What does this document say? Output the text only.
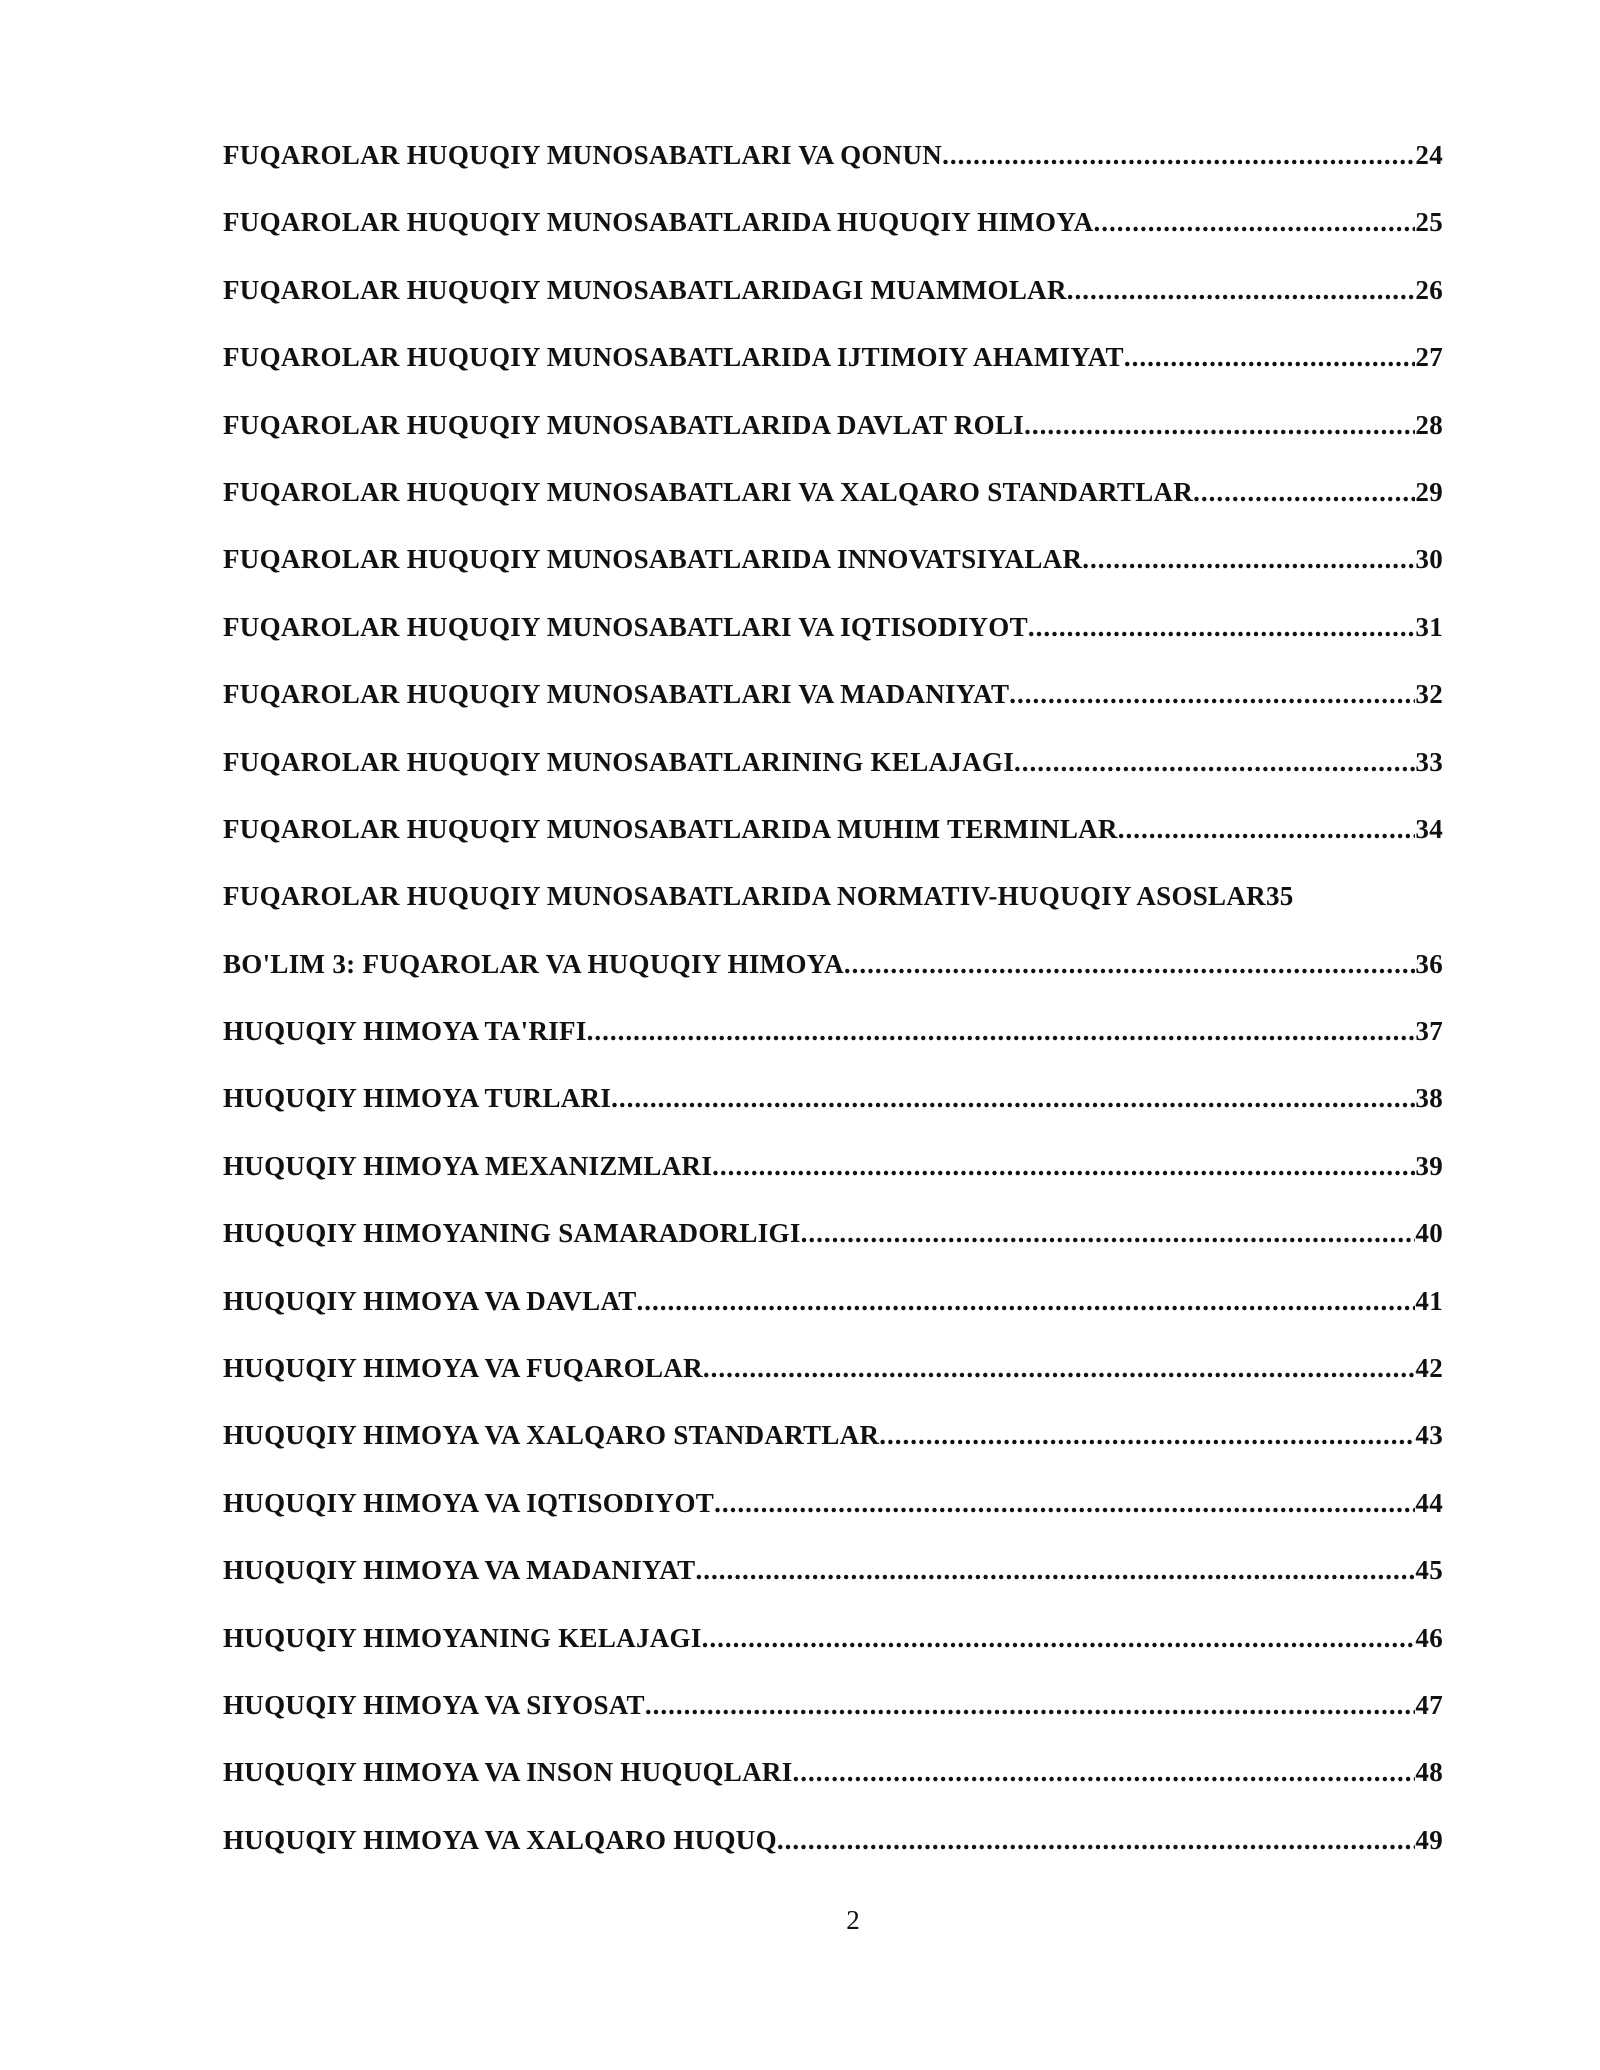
FUQAROLAR HUQUQIY MUNOSABATLARI VA QONUN .....	24
FUQAROLAR HUQUQIY MUNOSABATLARIDA HUQUQIY HIMOYA .....	25
FUQAROLAR HUQUQIY MUNOSABATLARIDAGI MUAMMOLAR .....	26
FUQAROLAR HUQUQIY MUNOSABATLARIDA IJTIMOIY AHAMIYAT .....	27
FUQAROLAR HUQUQIY MUNOSABATLARIDA DAVLAT ROLI .....	28
FUQAROLAR HUQUQIY MUNOSABATLARI VA XALQARO STANDARTLAR .....	29
FUQAROLAR HUQUQIY MUNOSABATLARIDA INNOVATSIYALAR .....	30
FUQAROLAR HUQUQIY MUNOSABATLARI VA IQTISODIYOT .....	31
FUQAROLAR HUQUQIY MUNOSABATLARI VA MADANIYAT .....	32
FUQAROLAR HUQUQIY MUNOSABATLARINING KELAJAGI .....	33
FUQAROLAR HUQUQIY MUNOSABATLARIDA MUHIM TERMINLAR .....	34
FUQAROLAR HUQUQIY MUNOSABATLARIDA NORMATIV-HUQUQIY ASOSLAR 35
BO'LIM 3: FUQAROLAR VA HUQUQIY HIMOYA .....	36
HUQUQIY HIMOYA TA'RIFI .....	37
HUQUQIY HIMOYA TURLARI .....	38
HUQUQIY HIMOYA MEXANIZMLARI .....	39
HUQUQIY HIMOYANING SAMARADORLIGI .....	40
HUQUQIY HIMOYA VA DAVLAT .....	41
HUQUQIY HIMOYA VA FUQAROLAR .....	42
HUQUQIY HIMOYA VA XALQARO STANDARTLAR .....	43
HUQUQIY HIMOYA VA IQTISODIYOT .....	44
HUQUQIY HIMOYA VA MADANIYAT .....	45
HUQUQIY HIMOYANING KELAJAGI .....	46
HUQUQIY HIMOYA VA SIYOSAT .....	47
HUQUQIY HIMOYA VA INSON HUQUQLARI .....	48
HUQUQIY HIMOYA VA XALQARO HUQUQ .....	49
2
